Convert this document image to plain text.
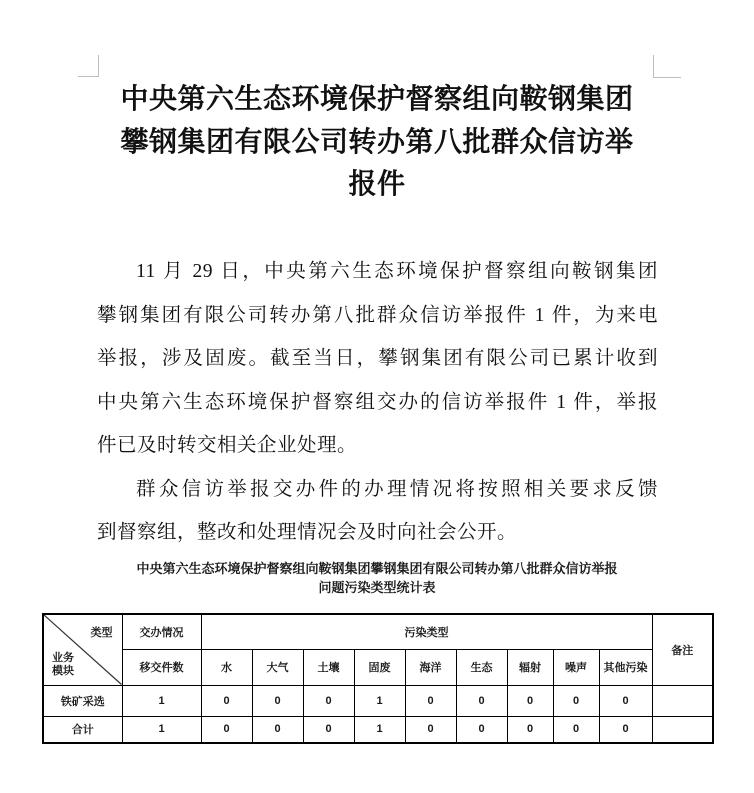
中央第六生态环境保护督察组向鞍钢集团
攀钢集团有限公司转办第八批群众信访举
报件
11 月 29 日，中央第六生态环境保护督察组向鞍钢集团
攀钢集团有限公司转办第八批群众信访举报件 1 件，为来电
举报，涉及固废。截至当日，攀钢集团有限公司已累计收到
中央第六生态环境保护督察组交办的信访举报件 1 件，举报
件已及时转交相关企业处理。
群众信访举报交办件的办理情况将按照相关要求反馈
到督察组，整改和处理情况会及时向社会公开。
中央第六生态环境保护督察组向鞍钢集团攀钢集团有限公司转办第八批群众信访举报
问题污染类型统计表
类型
业务
模块	交办情况	污染类型									备注
	移交件数	水	大气	土壤	固废	海洋	生态	辐射	噪声	其他污染	
铁矿采选	1	0	0	0	1	0	0	0	0	0	
合计	1	0	0	0	1	0	0	0	0	0	
